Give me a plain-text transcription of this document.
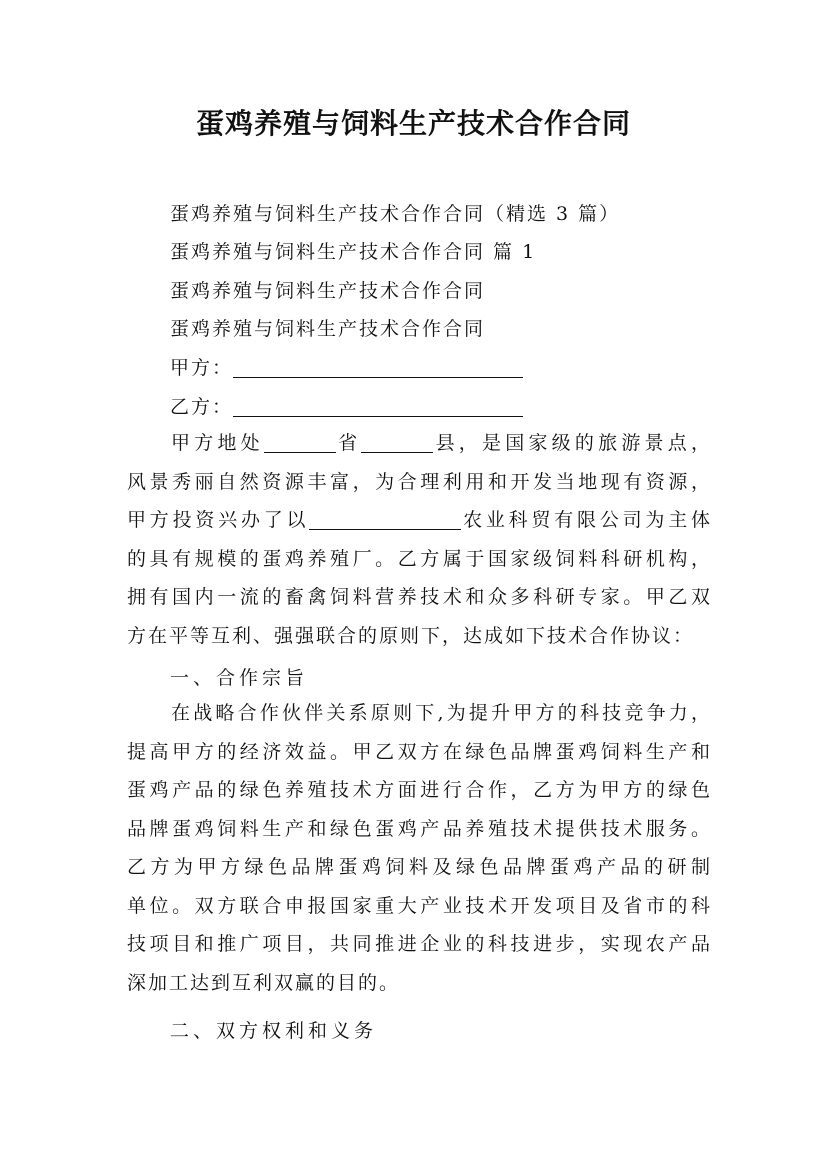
蛋鸡养殖与饲料生产技术合作合同
蛋鸡养殖与饲料生产技术合作合同（精选 3 篇）
蛋鸡养殖与饲料生产技术合作合同 篇 1
蛋鸡养殖与饲料生产技术合作合同
蛋鸡养殖与饲料生产技术合作合同
甲方：
乙方：
甲方地处	省	县，是国家级的旅游景点，
风景秀丽自然资源丰富，为合理利用和开发当地现有资源，
甲方投资兴办了以	农业科贸有限公司为主体
的具有规模的蛋鸡养殖厂。乙方属于国家级饲料科研机构，
拥有国内一流的畜禽饲料营养技术和众多科研专家。甲乙双
方在平等互利、强强联合的原则下，达成如下技术合作协议：
一、合作宗旨
在战略合作伙伴关系原则下,为提升甲方的科技竞争力，
提高甲方的经济效益。甲乙双方在绿色品牌蛋鸡饲料生产和
蛋鸡产品的绿色养殖技术方面进行合作，乙方为甲方的绿色
品牌蛋鸡饲料生产和绿色蛋鸡产品养殖技术提供技术服务。
乙方为甲方绿色品牌蛋鸡饲料及绿色品牌蛋鸡产品的研制
单位。双方联合申报国家重大产业技术开发项目及省市的科
技项目和推广项目，共同推进企业的科技进步，实现农产品
深加工达到互利双赢的目的。
二、双方权利和义务
